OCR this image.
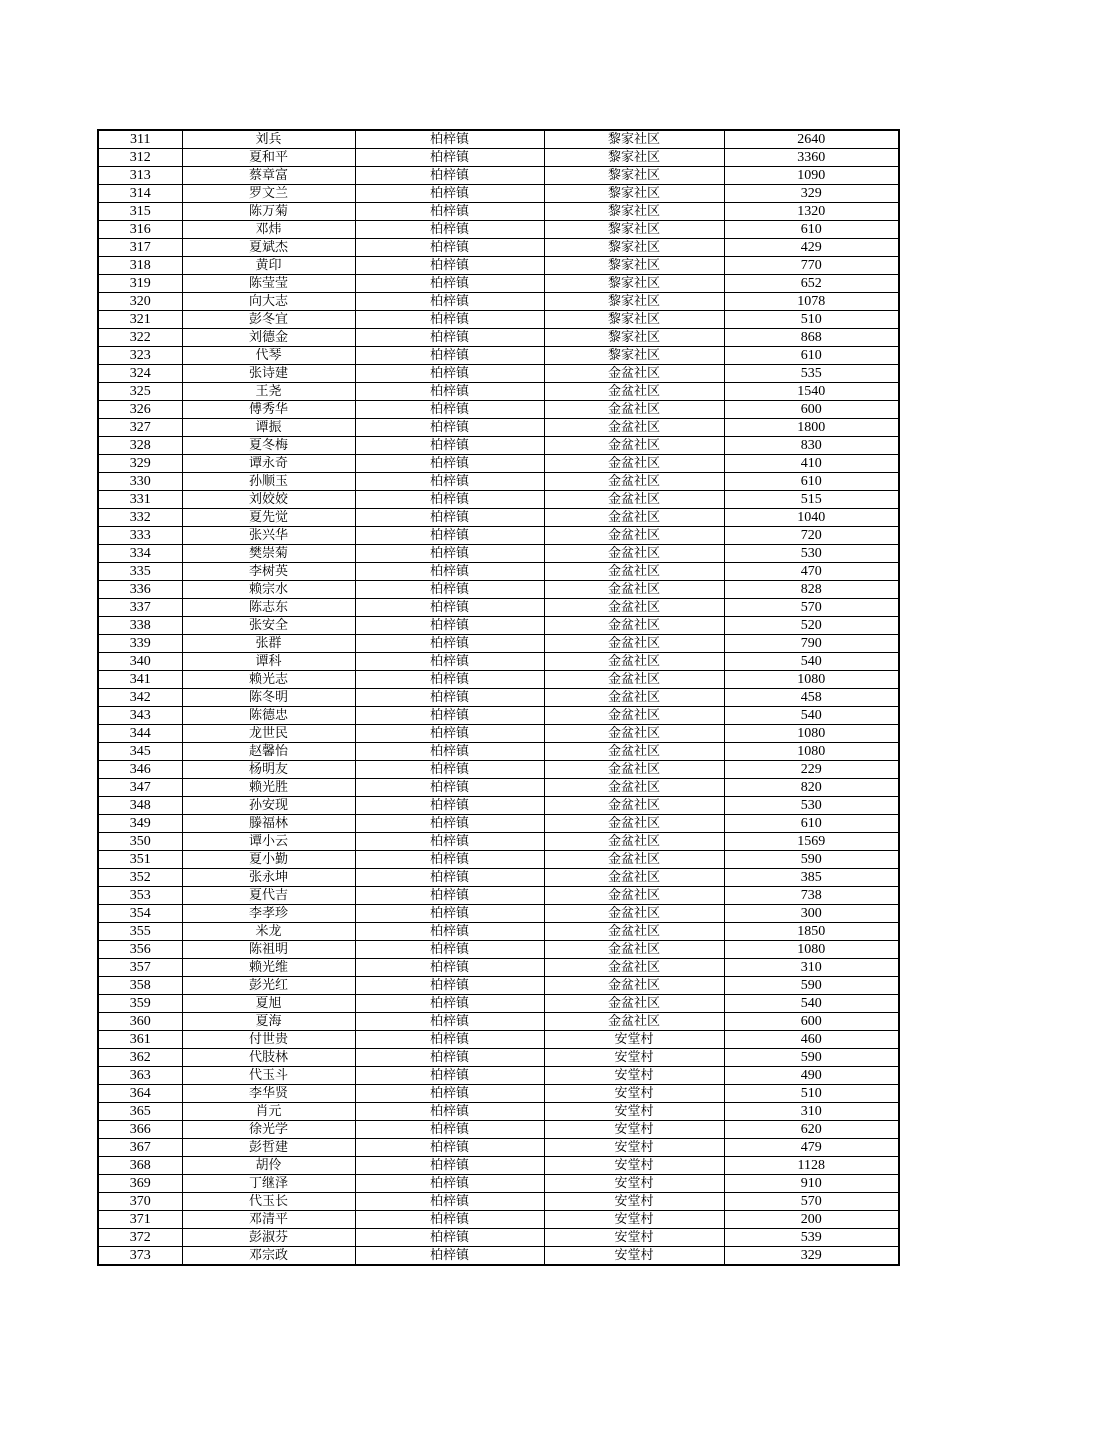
311	刘兵	柏梓镇	黎家社区	2640
312	夏和平	柏梓镇	黎家社区	3360
313	蔡章富	柏梓镇	黎家社区	1090
314	罗文兰	柏梓镇	黎家社区	329
315	陈万菊	柏梓镇	黎家社区	1320
316	邓炜	柏梓镇	黎家社区	610
317	夏斌杰	柏梓镇	黎家社区	429
318	黄印	柏梓镇	黎家社区	770
319	陈莹莹	柏梓镇	黎家社区	652
320	向大志	柏梓镇	黎家社区	1078
321	彭冬宜	柏梓镇	黎家社区	510
322	刘德金	柏梓镇	黎家社区	868
323	代琴	柏梓镇	黎家社区	610
324	张诗建	柏梓镇	金盆社区	535
325	王尧	柏梓镇	金盆社区	1540
326	傅秀华	柏梓镇	金盆社区	600
327	谭振	柏梓镇	金盆社区	1800
328	夏冬梅	柏梓镇	金盆社区	830
329	谭永奇	柏梓镇	金盆社区	410
330	孙顺玉	柏梓镇	金盆社区	610
331	刘姣姣	柏梓镇	金盆社区	515
332	夏先觉	柏梓镇	金盆社区	1040
333	张兴华	柏梓镇	金盆社区	720
334	樊崇菊	柏梓镇	金盆社区	530
335	李树英	柏梓镇	金盆社区	470
336	赖宗水	柏梓镇	金盆社区	828
337	陈志东	柏梓镇	金盆社区	570
338	张安全	柏梓镇	金盆社区	520
339	张群	柏梓镇	金盆社区	790
340	谭科	柏梓镇	金盆社区	540
341	赖光志	柏梓镇	金盆社区	1080
342	陈冬明	柏梓镇	金盆社区	458
343	陈德忠	柏梓镇	金盆社区	540
344	龙世民	柏梓镇	金盆社区	1080
345	赵馨怡	柏梓镇	金盆社区	1080
346	杨明友	柏梓镇	金盆社区	229
347	赖光胜	柏梓镇	金盆社区	820
348	孙安现	柏梓镇	金盆社区	530
349	滕福林	柏梓镇	金盆社区	610
350	谭小云	柏梓镇	金盆社区	1569
351	夏小勤	柏梓镇	金盆社区	590
352	张永坤	柏梓镇	金盆社区	385
353	夏代吉	柏梓镇	金盆社区	738
354	李孝珍	柏梓镇	金盆社区	300
355	米龙	柏梓镇	金盆社区	1850
356	陈祖明	柏梓镇	金盆社区	1080
357	赖光维	柏梓镇	金盆社区	310
358	彭光红	柏梓镇	金盆社区	590
359	夏旭	柏梓镇	金盆社区	540
360	夏海	柏梓镇	金盆社区	600
361	付世贵	柏梓镇	安堂村	460
362	代肢林	柏梓镇	安堂村	590
363	代玉斗	柏梓镇	安堂村	490
364	李华贤	柏梓镇	安堂村	510
365	肖元	柏梓镇	安堂村	310
366	徐光学	柏梓镇	安堂村	620
367	彭哲建	柏梓镇	安堂村	479
368	胡伶	柏梓镇	安堂村	1128
369	丁继泽	柏梓镇	安堂村	910
370	代玉长	柏梓镇	安堂村	570
371	邓清平	柏梓镇	安堂村	200
372	彭淑芬	柏梓镇	安堂村	539
373	邓宗政	柏梓镇	安堂村	329
